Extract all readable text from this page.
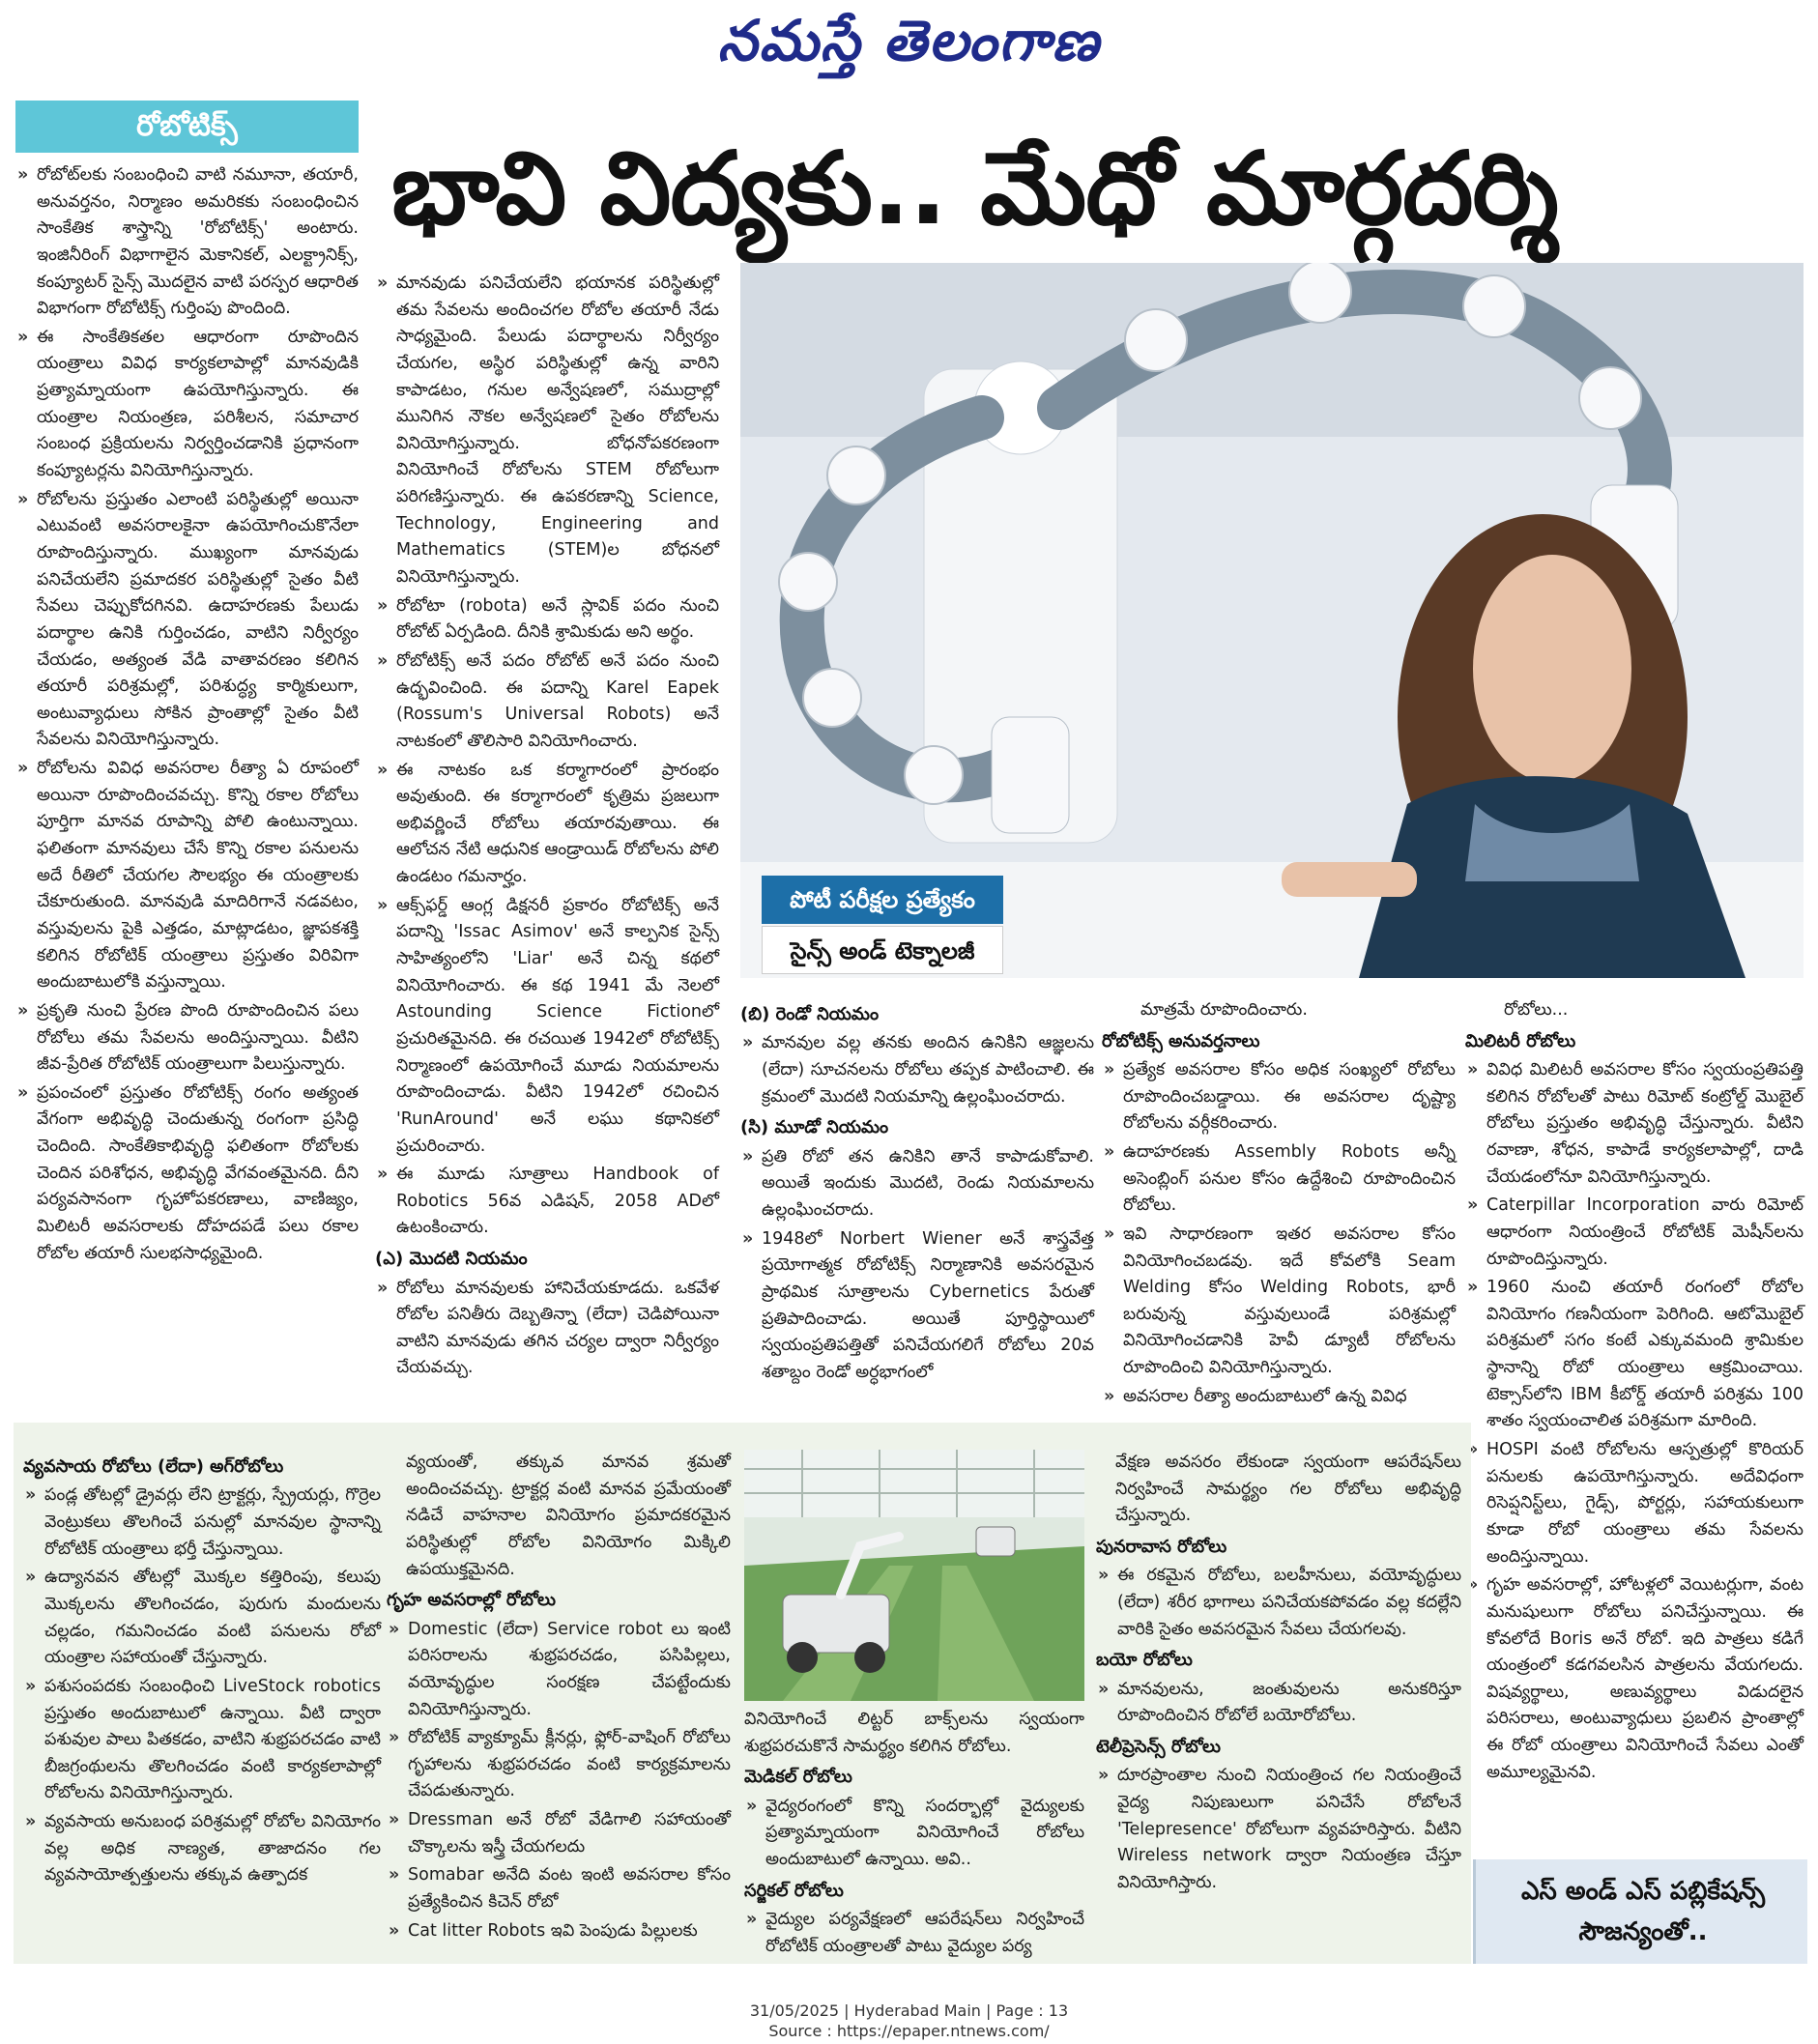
నమస్తే తెలంగాణ
రోబోటిక్స్
భావి విద్యకు.. మేధో మార్గదర్శి

» రోబోట్‌లకు సంబంధించి వాటి నమూనా, తయారీ, అనువర్తనం, నిర్మాణం అమరికకు సంబంధించిన సాంకేతిక శాస్త్రాన్ని 'రోబోటిక్స్' అంటారు. ఇంజినీరింగ్ విభాగాలైన మెకానికల్, ఎలక్ట్రానిక్స్, కంప్యూటర్ సైన్స్ మొదలైన వాటి పరస్పర ఆధారిత విభాగంగా రోబోటిక్స్ గుర్తింపు పొందింది.

» ఈ సాంకేతికతల ఆధారంగా రూపొందిన యంత్రాలు వివిధ కార్యకలాపాల్లో మానవుడికి ప్రత్యామ్నాయంగా ఉపయోగిస్తున్నారు. ఈ యంత్రాల నియంత్రణ, పరిశీలన, సమాచార సంబంధ ప్రక్రియలను నిర్వర్తించడానికి ప్రధానంగా కంప్యూటర్లను వినియోగిస్తున్నారు.

» రోబోలను ప్రస్తుతం ఎలాంటి పరిస్థితుల్లో అయినా ఎటువంటి అవసరాలకైనా ఉపయోగించుకొనేలా రూపొందిస్తున్నారు. ముఖ్యంగా మానవుడు పనిచేయలేని ప్రమాదకర పరిస్థితుల్లో సైతం వీటి సేవలు చెప్పుకోదగినవి. ఉదాహరణకు పేలుడు పదార్థాల ఉనికి గుర్తించడం, వాటిని నిర్వీర్యం చేయడం, అత్యంత వేడి వాతావరణం కలిగిన తయారీ పరిశ్రమల్లో, పరిశుద్ధ్య కార్మికులుగా, అంటువ్యాధులు సోకిన ప్రాంతాల్లో సైతం వీటి సేవలను వినియోగిస్తున్నారు.

» రోబోలను వివిధ అవసరాల రీత్యా ఏ రూపంలో అయినా రూపొందించవచ్చు. కొన్ని రకాల రోబోలు పూర్తిగా మానవ రూపాన్ని పోలి ఉంటున్నాయి. ఫలితంగా మానవులు చేసే కొన్ని రకాల పనులను అదే రీతిలో చేయగల సౌలభ్యం ఈ యంత్రాలకు చేకూరుతుంది. మానవుడి మాదిరిగానే నడవటం, వస్తువులను పైకి ఎత్తడం, మాట్లాడటం, జ్ఞాపకశక్తి కలిగిన రోబోటిక్ యంత్రాలు ప్రస్తుతం విరివిగా అందుబాటులోకి వస్తున్నాయి.

» ప్రకృతి నుంచి ప్రేరణ పొంది రూపొందించిన పలు రోబోలు తమ సేవలను అందిస్తున్నాయి. వీటిని జీవ-ప్రేరిత రోబోటిక్ యంత్రాలుగా పిలుస్తున్నారు.

» ప్రపంచంలో ప్రస్తుతం రోబోటిక్స్ రంగం అత్యంత వేగంగా అభివృద్ధి చెందుతున్న రంగంగా ప్రసిద్ధి చెందింది. సాంకేతికాభివృద్ధి ఫలితంగా రోబోలకు చెందిన పరిశోధన, అభివృద్ధి వేగవంతమైనది. దీని పర్యవసానంగా గృహోపకరణాలు, వాణిజ్యం, మిలిటరీ అవసరాలకు దోహదపడే పలు రకాల రోబోల తయారీ సులభసాధ్యమైంది.

» మానవుడు పనిచేయలేని భయానక పరిస్థితుల్లో తమ సేవలను అందించగల రోబోల తయారీ నేడు సాధ్యమైంది. పేలుడు పదార్థాలను నిర్వీర్యం చేయగల, అస్థిర పరిస్థితుల్లో ఉన్న వారిని కాపాడటం, గనుల అన్వేషణలో, సముద్రాల్లో మునిగిన నౌకల అన్వేషణలో సైతం రోబోలను వినియోగిస్తున్నారు. బోధనోపకరణంగా వినియోగించే రోబోలను STEM రోబోలుగా పరిగణిస్తున్నారు. ఈ ఉపకరణాన్ని Science, Technology, Engineering and Mathematics (STEM)ల బోధనలో వినియోగిస్తున్నారు.

» రోబోటా (robota) అనే స్లావిక్ పదం నుంచి రోబోట్ ఏర్పడింది. దీనికి శ్రామికుడు అని అర్థం.

» రోబోటిక్స్ అనే పదం రోబోట్ అనే పదం నుంచి ఉద్భవించింది. ఈ పదాన్ని Karel Eapek (Rossum's Universal Robots) అనే నాటకంలో తొలిసారి వినియోగించారు.

» ఈ నాటకం ఒక కర్మాగారంలో ప్రారంభం అవుతుంది. ఈ కర్మాగారంలో కృత్రిమ ప్రజలుగా అభివర్ణించే రోబోలు తయారవుతాయి. ఈ ఆలోచన నేటి ఆధునిక ఆండ్రాయిడ్ రోబోలను పోలి ఉండటం గమనార్హం.

» ఆక్స్‌ఫర్డ్ ఆంగ్ల డిక్షనరీ ప్రకారం రోబోటిక్స్ అనే పదాన్ని 'Issac Asimov' అనే కాల్పనిక సైన్స్ సాహిత్యంలోని 'Liar' అనే చిన్న కథలో వినియోగించారు. ఈ కథ 1941 మే నెలలో Astounding Science Fictionలో ప్రచురితమైనది. ఈ రచయిత 1942లో రోబోటిక్స్ నిర్మాణంలో ఉపయోగించే మూడు నియమాలను రూపొందించాడు. వీటిని 1942లో రచించిన 'RunAround' అనే లఘు కథానికలో ప్రచురించారు.

» ఈ మూడు సూత్రాలు Handbook of Robotics 56వ ఎడిషన్, 2058 ADలో ఉటంకించారు.

(ఎ) మొదటి నియమం

» రోబోలు మానవులకు హానిచేయకూడదు. ఒకవేళ రోబోల పనితీరు దెబ్బతిన్నా (లేదా) చెడిపోయినా వాటిని మానవుడు తగిన చర్యల ద్వారా నిర్వీర్యం చేయవచ్చు.

పోటీ పరీక్షల ప్రత్యేకం
సైన్స్ అండ్ టెక్నాలజీ
(బి) రెండో నియమం

» మానవుల వల్ల తనకు అందిన ఉనికిని ఆజ్ఞలను (లేదా) సూచనలను రోబోలు తప్పక పాటించాలి. ఈ క్రమంలో మొదటి నియమాన్ని ఉల్లంఘించరాదు.

(సి) మూడో నియమం

» ప్రతి రోబో తన ఉనికిని తానే కాపాడుకోవాలి. అయితే ఇందుకు మొదటి, రెండు నియమాలను ఉల్లంఘించరాదు.

» 1948లో Norbert Wiener అనే శాస్త్రవేత్త ప్రయోగాత్మక రోబోటిక్స్ నిర్మాణానికి అవసరమైన ప్రాథమిక సూత్రాలను Cybernetics పేరుతో ప్రతిపాదించాడు. అయితే పూర్తిస్థాయిలో స్వయంప్రతిపత్తితో పనిచేయగలిగే రోబోలు 20వ శతాబ్దం రెండో అర్ధభాగంలో

మాత్రమే రూపొందించారు.

రోబోటిక్స్ అనువర్తనాలు

» ప్రత్యేక అవసరాల కోసం అధిక సంఖ్యలో రోబోలు రూపొందించబడ్డాయి. ఈ అవసరాల దృష్ట్యా రోబోలను వర్గీకరించారు.

» ఉదాహరణకు Assembly Robots అన్నీ అసెంబ్లింగ్ పనుల కోసం ఉద్దేశించి రూపొందించిన రోబోలు.

» ఇవి సాధారణంగా ఇతర అవసరాల కోసం వినియోగించబడవు. ఇదే కోవలోకి Seam Welding కోసం Welding Robots, భారీ బరువున్న వస్తువులుండే పరిశ్రమల్లో వినియోగించడానికి హెవీ డ్యూటీ రోబోలను రూపొందించి వినియోగిస్తున్నారు.

» అవసరాల రీత్యా అందుబాటులో ఉన్న వివిధ

రోబోలు...

మిలిటరీ రోబోలు

» వివిధ మిలిటరీ అవసరాల కోసం స్వయంప్రతిపత్తి కలిగిన రోబోలతో పాటు రిమోట్ కంట్రోల్డ్ మొబైల్ రోబోలు ప్రస్తుతం అభివృద్ధి చేస్తున్నారు. వీటిని రవాణా, శోధన, కాపాడే కార్యకలాపాల్లో, దాడి చేయడంలోనూ వినియోగిస్తున్నారు.

» Caterpillar Incorporation వారు రిమోట్ ఆధారంగా నియంత్రించే రోబోటిక్ మెషీన్‌లను రూపొందిస్తున్నారు.

» 1960 నుంచి తయారీ రంగంలో రోబోల వినియోగం గణనీయంగా పెరిగింది. ఆటోమొబైల్ పరిశ్రమలో సగం కంటే ఎక్కువమంది శ్రామికుల స్థానాన్ని రోబో యంత్రాలు ఆక్రమించాయి. టెక్సాస్‌లోని IBM కీబోర్డ్ తయారీ పరిశ్రమ 100 శాతం స్వయంచాలిత పరిశ్రమగా మారింది.

» HOSPI వంటి రోబోలను ఆస్పత్రుల్లో కొరియర్ పనులకు ఉపయోగిస్తున్నారు. అదేవిధంగా రిసెప్షనిస్ట్‌లు, గైడ్స్, పోర్టర్లు, సహాయకులుగా కూడా రోబో యంత్రాలు తమ సేవలను అందిస్తున్నాయి.

» గృహ అవసరాల్లో, హోటళ్లలో వెయిటర్లుగా, వంట మనుషులుగా రోబోలు పనిచేస్తున్నాయి. ఈ కోవలోదే Boris అనే రోబో. ఇది పాత్రలు కడిగే యంత్రంలో కడగవలసిన పాత్రలను వేయగలదు. విషవ్యర్థాలు, అణువ్యర్థాలు విడుదలైన పరిసరాలు, అంటువ్యాధులు ప్రబలిన ప్రాంతాల్లో ఈ రోబో యంత్రాలు వినియోగించే సేవలు ఎంతో అమూల్యమైనవి.

వ్యవసాయ రోబోలు (లేదా) అగ్‌రోబోలు

» పండ్ల తోటల్లో డ్రైవర్లు లేని ట్రాక్టర్లు, స్ప్రేయర్లు, గొర్రెల వెంట్రుకలు తొలగించే పనుల్లో మానవుల స్థానాన్ని రోబోటిక్ యంత్రాలు భర్తీ చేస్తున్నాయి.

» ఉద్యానవన తోటల్లో మొక్కల కత్తిరింపు, కలుపు మొక్కలను తొలగించడం, పురుగు మందులను చల్లడం, గమనించడం వంటి పనులను రోబో యంత్రాల సహాయంతో చేస్తున్నారు.

» పశుసంపదకు సంబంధించి LiveStock robotics ప్రస్తుతం అందుబాటులో ఉన్నాయి. వీటి ద్వారా పశువుల పాలు పితకడం, వాటిని శుభ్రపరచడం వాటి బీజగ్రంథులను తొలగించడం వంటి కార్యకలాపాల్లో రోబోలను వినియోగిస్తున్నారు.

» వ్యవసాయ అనుబంధ పరిశ్రమల్లో రోబోల వినియోగం వల్ల అధిక నాణ్యత, తాజాదనం గల వ్యవసాయోత్పత్తులను తక్కువ ఉత్పాదక

వ్యయంతో, తక్కువ మానవ శ్రమతో అందించవచ్చు. ట్రాక్టర్ల వంటి మానవ ప్రమేయంతో నడిచే వాహనాల వినియోగం ప్రమాదకరమైన పరిస్థితుల్లో రోబోల వినియోగం మిక్కిలి ఉపయుక్తమైనది.

గృహ అవసరాల్లో రోబోలు

» Domestic (లేదా) Service robot లు ఇంటి పరిసరాలను శుభ్రపరచడం, పసిపిల్లలు, వయోవృద్ధుల సంరక్షణ చేపట్టేందుకు వినియోగిస్తున్నారు.

» రోబోటిక్ వ్యాక్యూమ్ క్లీనర్లు, ఫ్లోర్-వాషింగ్ రోబోలు గృహాలను శుభ్రపరచడం వంటి కార్యక్రమాలను చేపడుతున్నారు.

» Dressman అనే రోబో వేడిగాలి సహాయంతో చొక్కాలను ఇస్త్రీ చేయగలదు

» Somabar అనేది వంట ఇంటి అవసరాల కోసం ప్రత్యేకించిన కిచెన్ రోబో

» Cat litter Robots ఇవి పెంపుడు పిల్లులకు

వినియోగించే లిట్టర్ బాక్స్‌లను స్వయంగా శుభ్రపరచుకొనే సామర్థ్యం కలిగిన రోబోలు.

మెడికల్ రోబోలు

» వైద్యరంగంలో కొన్ని సందర్భాల్లో వైద్యులకు ప్రత్యామ్నాయంగా వినియోగించే రోబోలు అందుబాటులో ఉన్నాయి. అవి..

సర్జికల్ రోబోలు

» వైద్యుల పర్యవేక్షణలో ఆపరేషన్‌లు నిర్వహించే రోబోటిక్ యంత్రాలతో పాటు వైద్యుల పర్య

వేక్షణ అవసరం లేకుండా స్వయంగా ఆపరేషన్‌లు నిర్వహించే సామర్థ్యం గల రోబోలు అభివృద్ధి చేస్తున్నారు.

పునరావాస రోబోలు

» ఈ రకమైన రోబోలు, బలహీనులు, వయోవృద్ధులు (లేదా) శరీర భాగాలు పనిచేయకపోవడం వల్ల కదల్లేని వారికి సైతం అవసరమైన సేవలు చేయగలవు.

బయో రోబోలు

» మానవులను, జంతువులను అనుకరిస్తూ రూపొందించిన రోబోలే బయోరోబోలు.

టెలీప్రెసెన్స్ రోబోలు

» దూరప్రాంతాల నుంచి నియంత్రించ గల నియంత్రించే వైద్య నిపుణులుగా పనిచేసే రోబోలనే 'Telepresence' రోబోలుగా వ్యవహరిస్తారు. వీటిని Wireless network ద్వారా నియంత్రణ చేస్తూ వినియోగిస్తారు.	ఎస్ అండ్ ఎస్ పబ్లికేషన్స్
సౌజన్యంతో..
31/05/2025 | Hyderabad Main | Page : 13
Source : https://epaper.ntnews.com/
